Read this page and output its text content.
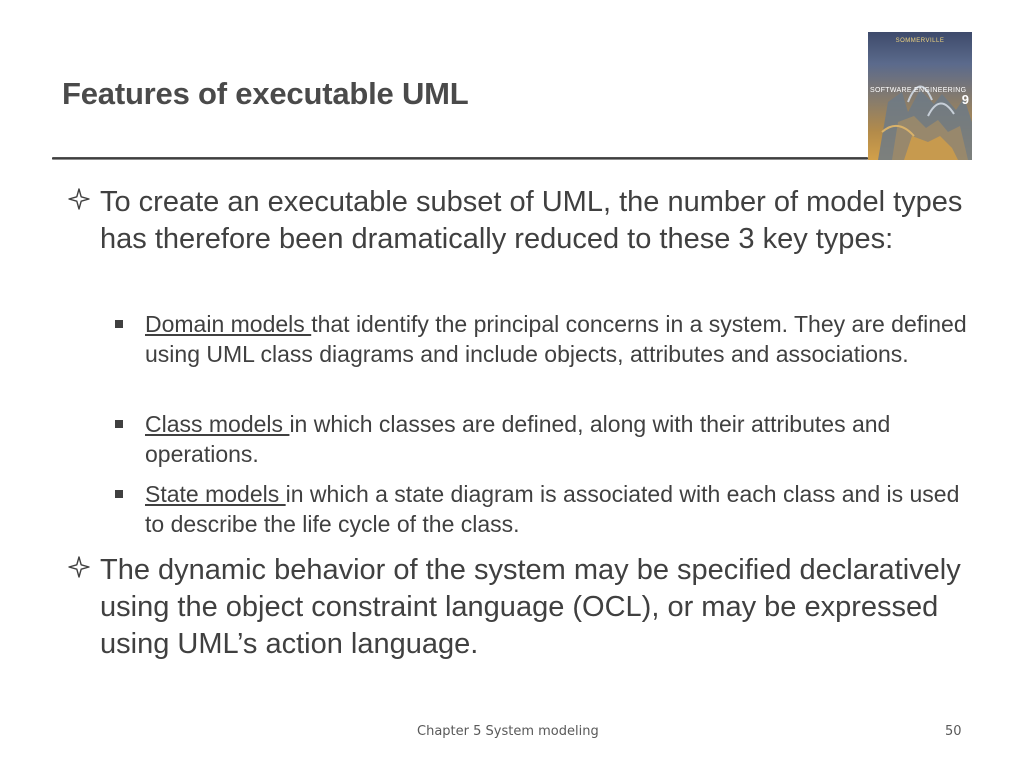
Features of executable UML
SOMMERVILLE
SOFTWARE ENGINEERING
9
To create an executable subset of UML, the number of model types has therefore been dramatically reduced to these 3 key types:
Domain models that identify the principal concerns in a system. They are defined using UML class diagrams and include objects, attributes and associations.
Class models in which classes are defined, along with their attributes and operations.
State models in which a state diagram is associated with each class and is used to describe the life cycle of the class.
The dynamic behavior of the system may be specified declaratively using the object constraint language (OCL), or may be expressed using UML’s action language.
Chapter 5 System modeling	50
